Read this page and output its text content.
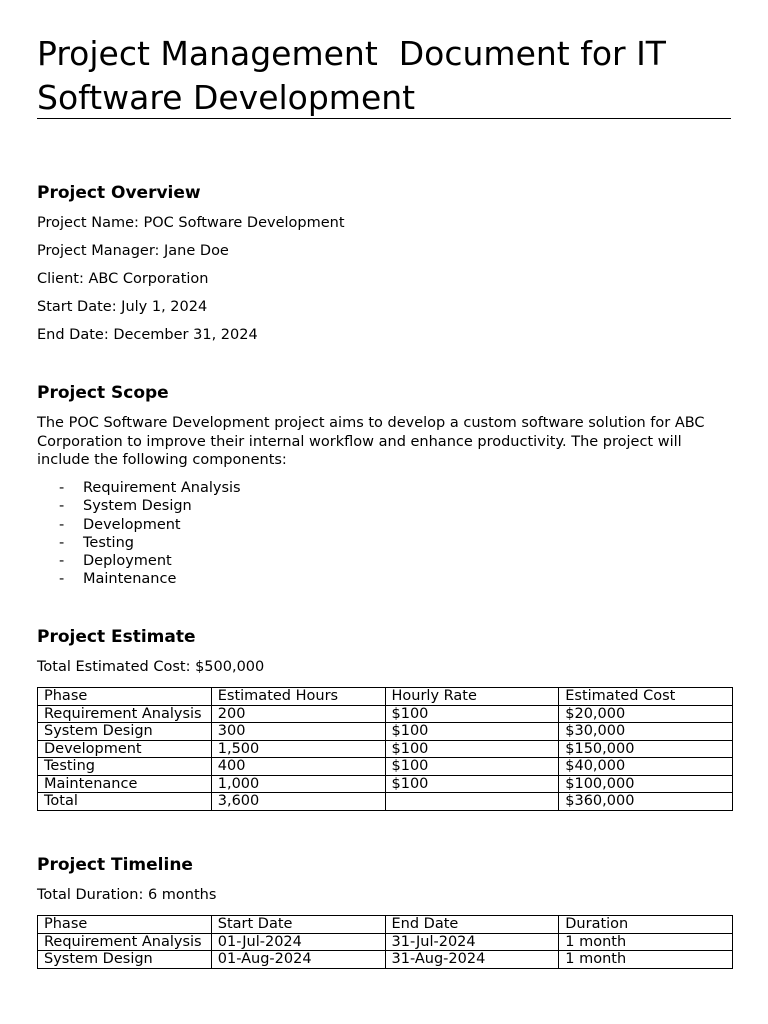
Project Management  Document for IT Software Development
Project Overview

Project Name: POC Software Development

Project Manager: Jane Doe

Client: ABC Corporation

Start Date: July 1, 2024

End Date: December 31, 2024

Project Scope

The POC Software Development project aims to develop a custom software solution for ABC Corporation to improve their internal workflow and enhance productivity. The project will include the following components:

- Requirement Analysis
- System Design
- Development
- Testing
- Deployment
- Maintenance
Project Estimate

Total Estimated Cost: $500,000

Phase	Estimated Hours	Hourly Rate	Estimated Cost
Requirement Analysis	200	$100	$20,000
System Design	300	$100	$30,000
Development	1,500	$100	$150,000
Testing	400	$100	$40,000
Maintenance	1,000	$100	$100,000
Total	3,600		$360,000
Project Timeline

Total Duration: 6 months

Phase	Start Date	End Date	Duration
Requirement Analysis	01-Jul-2024	31-Jul-2024	1 month
System Design	01-Aug-2024	31-Aug-2024	1 month
